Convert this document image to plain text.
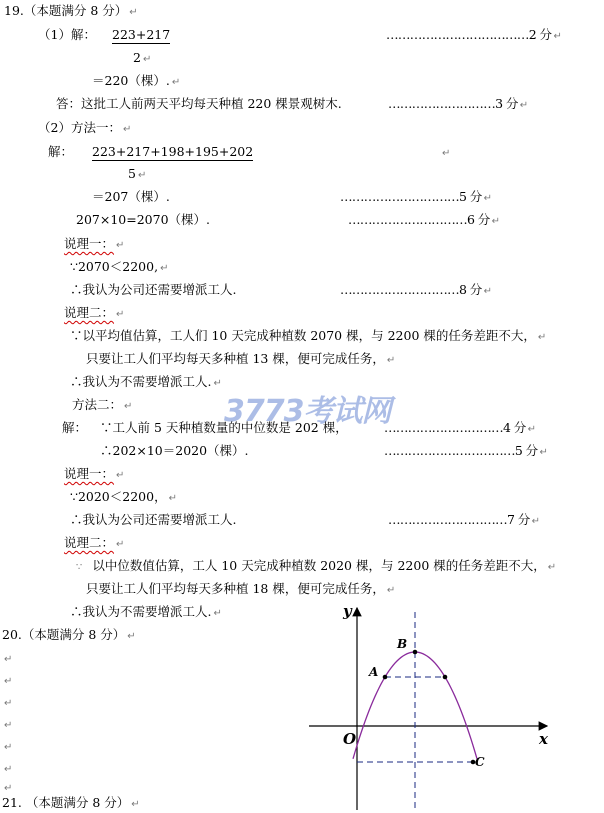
19.（本题满分 8 分） ↵
（1）解： 223+217	………………………………2 分 ↵
2 ↵
＝220（棵）. ↵
答：这批工人前两天平均每天种植 220 棵景观树木.	………………………3 分 ↵
（2）方法一： ↵
解： 223+217+198+195+202	↵
5 ↵
＝207（棵）.	…………………………5 分 ↵
207×10=2070（棵）.	…………………………6 分 ↵
说理一： ↵
∵2070＜2200, ↵
∴我认为公司还需要增派工人.	…………………………8 分 ↵
说理二： ↵
∵以平均值估算，工人们 10 天完成种植数 2070 棵，与 2200 棵的任务差距不大， ↵
只要让工人们平均每天多种植 13 棵，便可完成任务， ↵
∴我认为不需要增派工人. ↵
方法二： ↵	3773考试网
解： ∵工人前 5 天种植数量的中位数是 202 棵，	…………………………4 分 ↵
∴202×10＝2020（棵）.	……………………………5 分 ↵
说理一： ↵
∵2020＜2200， ↵
∴我认为公司还需要增派工人.	…………………………7 分 ↵
说理二： ↵
∵ 以中位数值估算，工人 10 天完成种植数 2020 棵，与 2200 棵的任务差距不大， ↵
只要让工人们平均每天多种植 18 棵，便可完成任务， ↵
∴我认为不需要增派工人. ↵
20.（本题满分 8 分） ↵
↵
↵
↵
↵
↵
↵
↵
21. （本题满分 8 分） ↵
y
x
O
B
A
C
